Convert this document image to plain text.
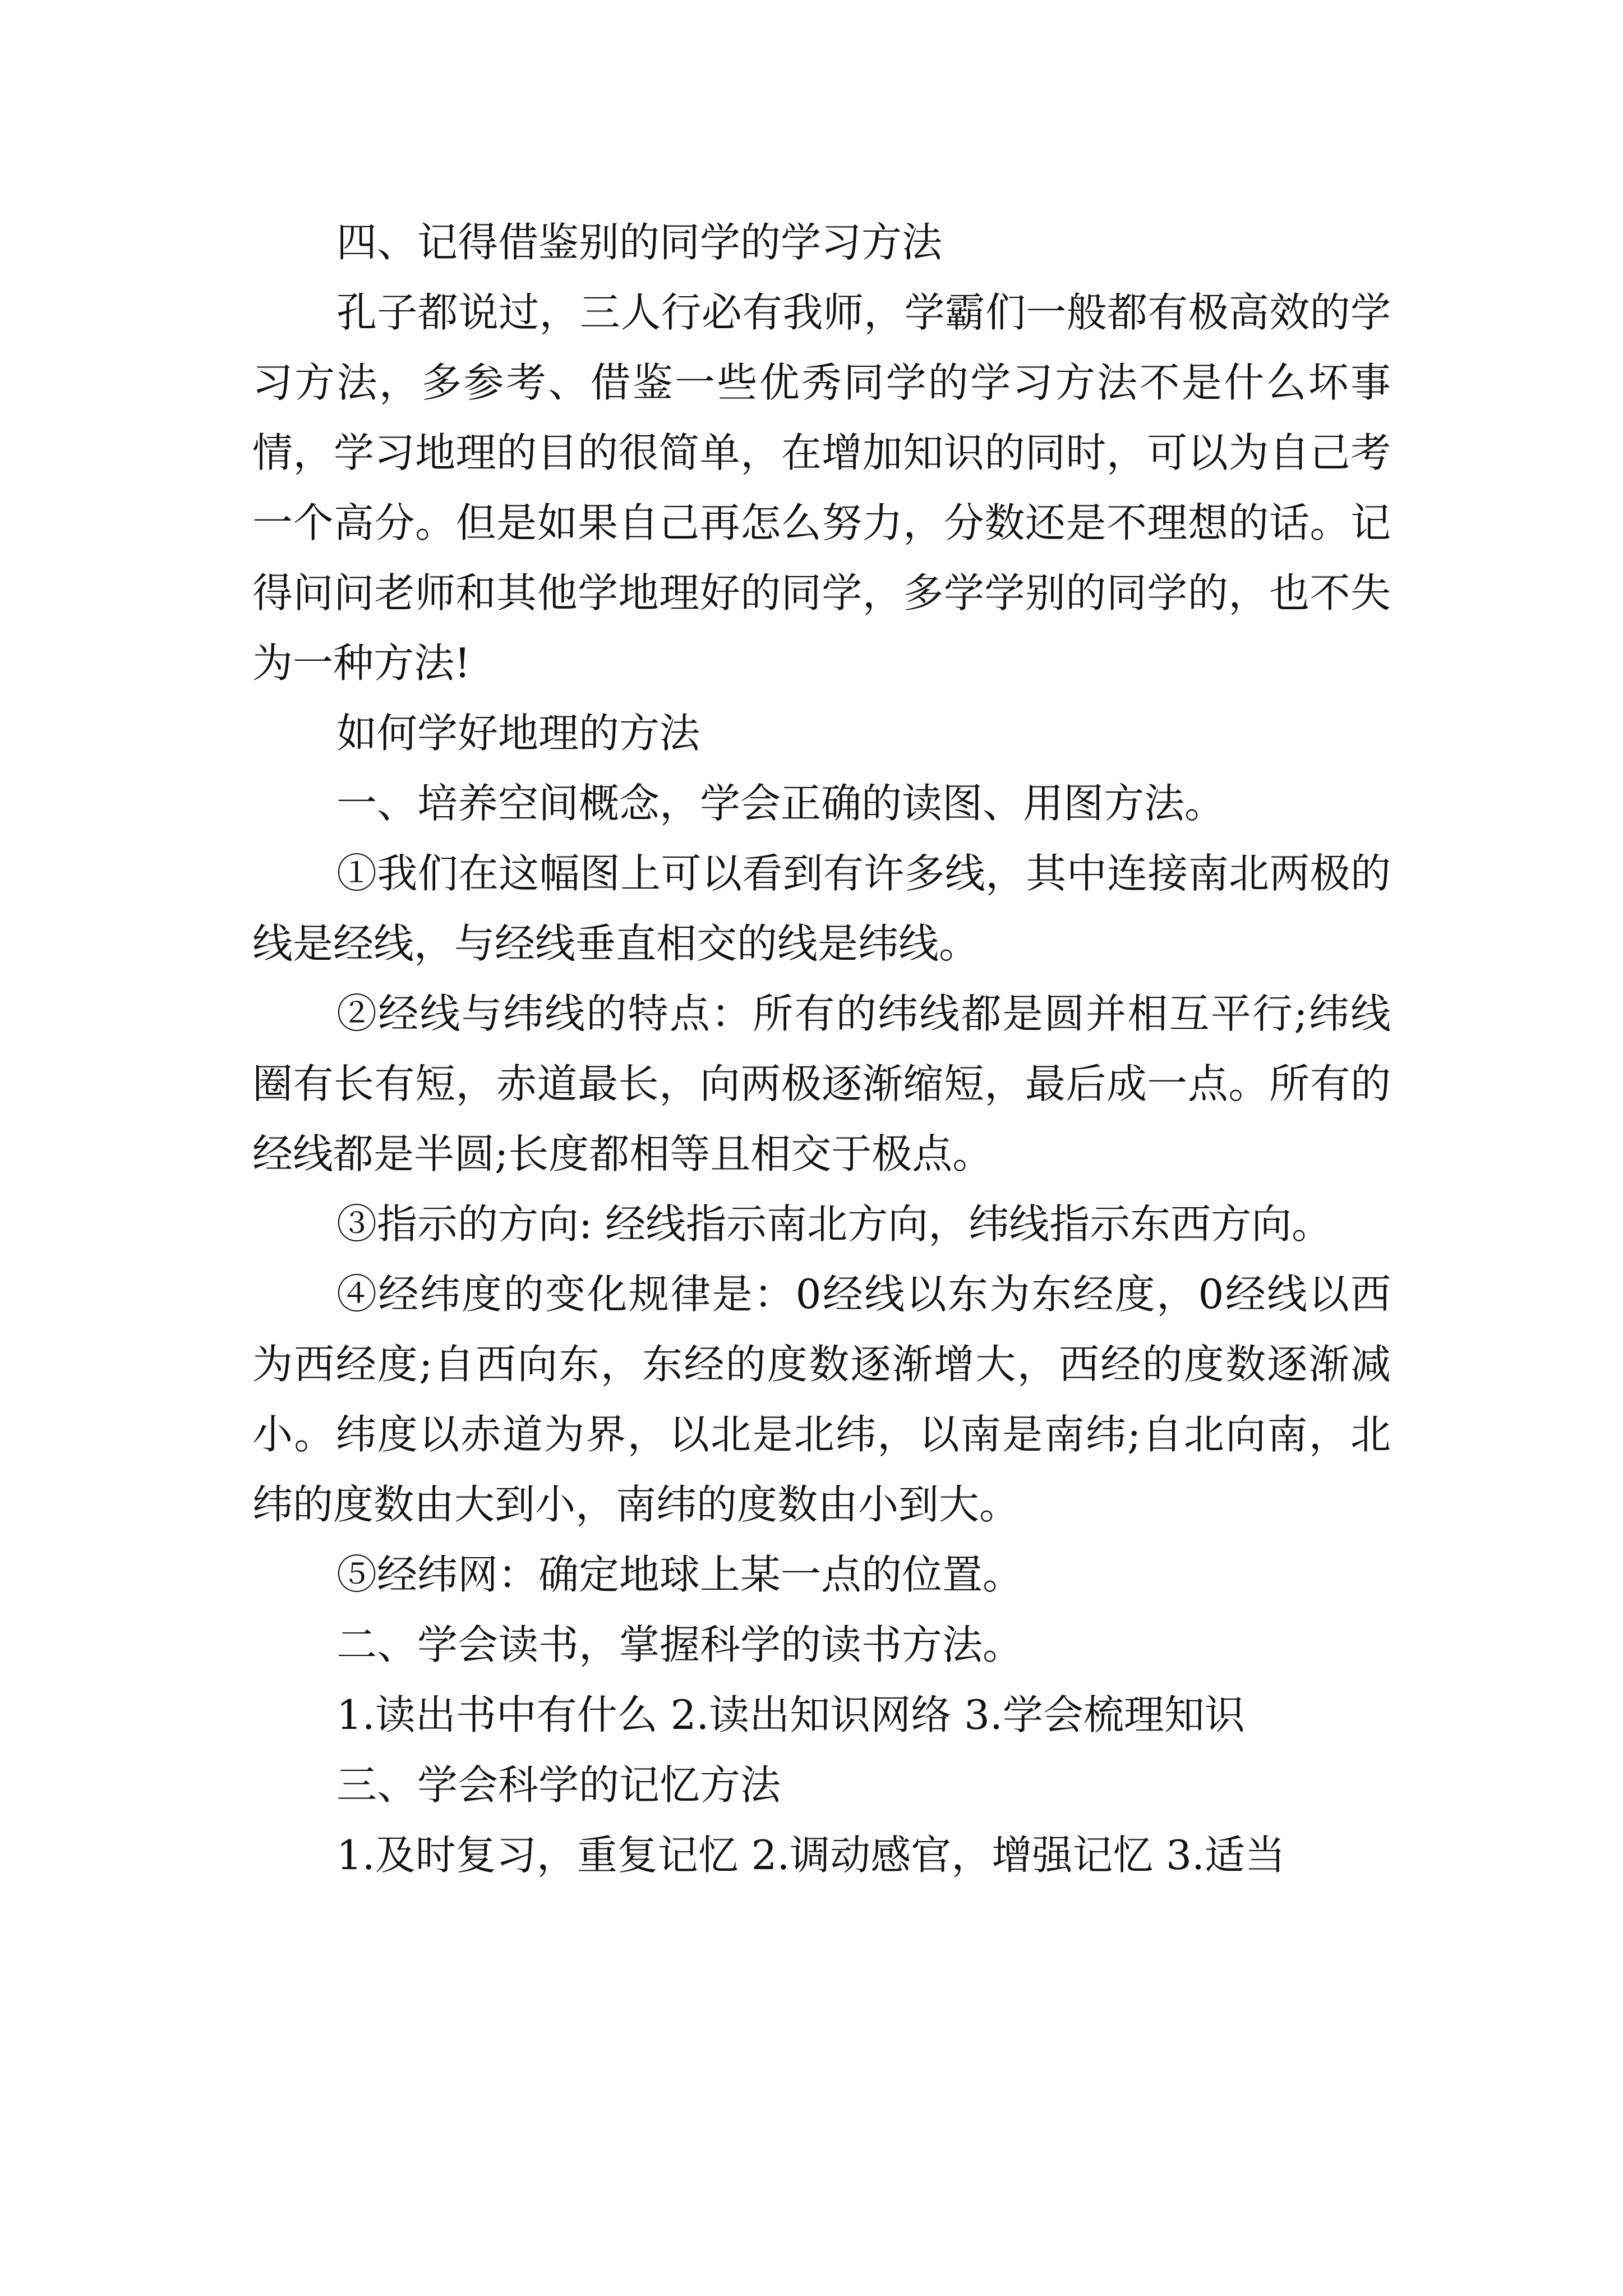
四、记得借鉴别的同学的学习方法

孔子都说过，三人行必有我师，学霸们一般都有极高效的学习方法，多参考、借鉴一些优秀同学的学习方法不是什么坏事情，学习地理的目的很简单，在增加知识的同时，可以为自己考一个高分。但是如果自己再怎么努力，分数还是不理想的话。记得问问老师和其他学地理好的同学，多学学别的同学的，也不失为一种方法!

如何学好地理的方法

一、培养空间概念，学会正确的读图、用图方法。

①我们在这幅图上可以看到有许多线，其中连接南北两极的线是经线，与经线垂直相交的线是纬线。

②经线与纬线的特点：所有的纬线都是圆并相互平行;纬线圈有长有短，赤道最长，向两极逐渐缩短，最后成一点。所有的经线都是半圆;长度都相等且相交于极点。

③指示的方向: 经线指示南北方向，纬线指示东西方向。

④经纬度的变化规律是：0经线以东为东经度，0经线以西为西经度;自西向东，东经的度数逐渐增大，西经的度数逐渐减小。纬度以赤道为界，以北是北纬，以南是南纬;自北向南，北纬的度数由大到小，南纬的度数由小到大。

⑤经纬网：确定地球上某一点的位置。

二、学会读书，掌握科学的读书方法。

1.读出书中有什么 2.读出知识网络 3.学会梳理知识

三、学会科学的记忆方法

1.及时复习，重复记忆 2.调动感官，增强记忆 3.适当
